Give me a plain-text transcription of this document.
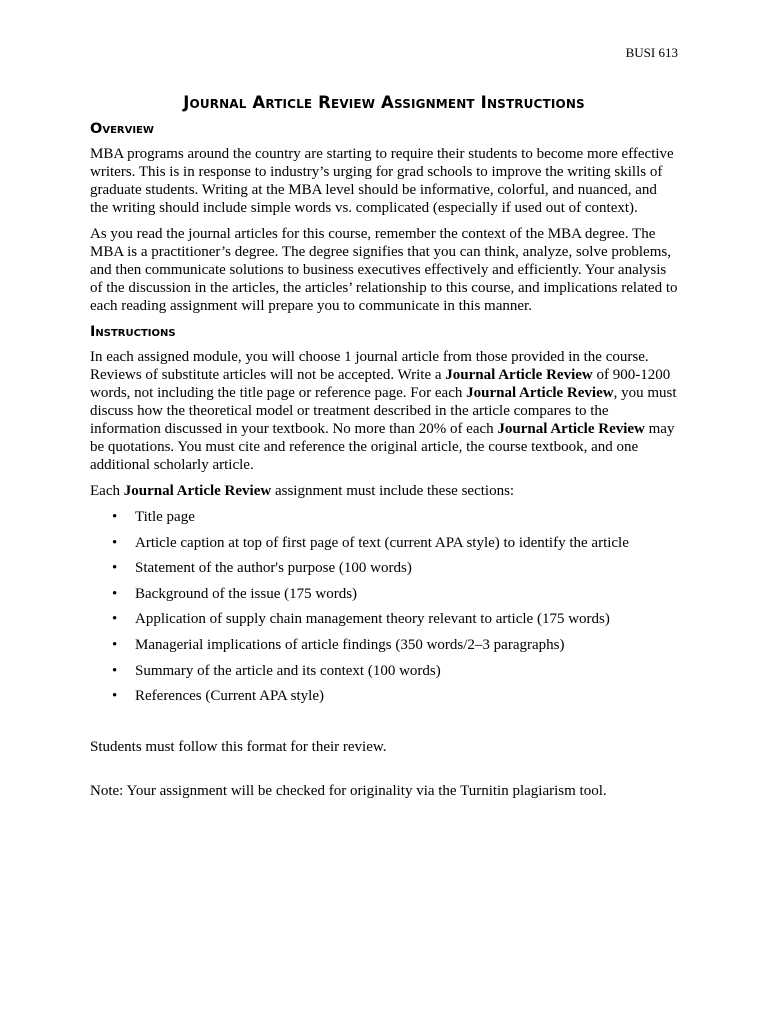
BUSI 613
Journal Article Review Assignment Instructions
Overview

MBA programs around the country are starting to require their students to become more effective writers. This is in response to industry’s urging for grad schools to improve the writing skills of graduate students. Writing at the MBA level should be informative, colorful, and nuanced, and the writing should include simple words vs. complicated (especially if used out of context).

As you read the journal articles for this course, remember the context of the MBA degree. The MBA is a practitioner’s degree. The degree signifies that you can think, analyze, solve problems, and then communicate solutions to business executives effectively and efficiently. Your analysis of the discussion in the articles, the articles’ relationship to this course, and implications related to each reading assignment will prepare you to communicate in this manner.

Instructions

In each assigned module, you will choose 1 journal article from those provided in the course. Reviews of substitute articles will not be accepted. Write a Journal Article Review of 900-1200 words, not including the title page or reference page. For each Journal Article Review, you must discuss how the theoretical model or treatment described in the article compares to the information discussed in your textbook. No more than 20% of each Journal Article Review may be quotations. You must cite and reference the original article, the course textbook, and one additional scholarly article.

Each Journal Article Review assignment must include these sections:

• Title page
• Article caption at top of first page of text (current APA style) to identify the article
• Statement of the author's purpose (100 words)
• Background of the issue (175 words)
• Application of supply chain management theory relevant to article (175 words)
• Managerial implications of article findings (350 words/2–3 paragraphs)
• Summary of the article and its context (100 words)
• References (Current APA style)

Students must follow this format for their review.

Note: Your assignment will be checked for originality via the Turnitin plagiarism tool.
